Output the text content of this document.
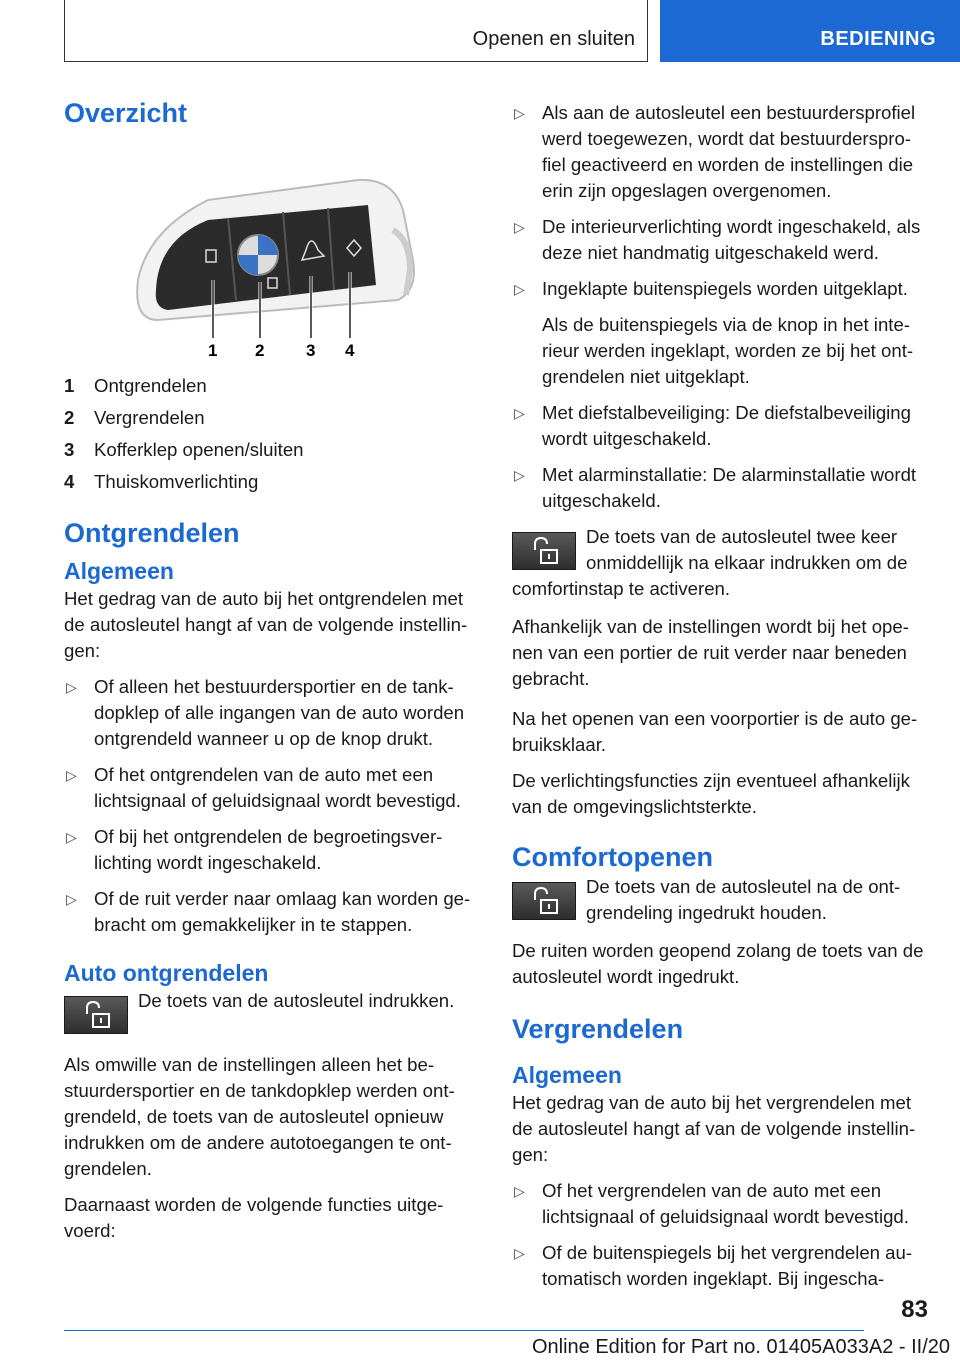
Openen en sluiten	BEDIENING
Overzicht
1 2 3 4
1	Ontgrendelen
2	Vergrendelen
3	Kofferklep openen/sluiten
4	Thuiskomverlichting
Ontgrendelen
Algemeen

Het gedrag van de auto bij het ontgrendelen met de autosleutel hangt af van de volgende instellin‐gen:

▷ Of alleen het bestuurdersportier en de tank‐dopklep of alle ingangen van de auto worden ontgrendeld wanneer u op de knop drukt.
▷ Of het ontgrendelen van de auto met een lichtsignaal of geluidsignaal wordt bevestigd.
▷ Of bij het ontgrendelen de begroetingsver‐lichting wordt ingeschakeld.
▷ Of de ruit verder naar omlaag kan worden ge‐bracht om gemakkelijker in te stappen.
Auto ontgrendelen
De toets van de autosleutel indrukken.

Als omwille van de instellingen alleen het be‐stuurdersportier en de tankdopklep werden ont‐grendeld, de toets van de autosleutel opnieuw indrukken om de andere autotoegangen te ont‐grendelen.

Daarnaast worden de volgende functies uitge‐voerd:

▷ Als aan de autosleutel een bestuurdersprofiel werd toegewezen, wordt dat bestuurderspro‐fiel geactiveerd en worden de instellingen die erin zijn opgeslagen overgenomen.
▷ De interieurverlichting wordt ingeschakeld, als deze niet handmatig uitgeschakeld werd.
▷ Ingeklapte buitenspiegels worden uitgeklapt.

Als de buitenspiegels via de knop in het inte‐rieur werden ingeklapt, worden ze bij het ont‐grendelen niet uitgeklapt.

▷ Met diefstalbeveiliging: De diefstalbeveiliging wordt uitgeschakeld.
▷ Met alarminstallatie: De alarminstallatie wordt uitgeschakeld.
De toets van de autosleutel twee keer onmiddellijk na elkaar indrukken om de comfortinstap te activeren.

Afhankelijk van de instellingen wordt bij het ope‐nen van een portier de ruit verder naar beneden gebracht.

Na het openen van een voorportier is de auto ge‐bruiksklaar.

De verlichtingsfuncties zijn eventueel afhankelijk van de omgevingslichtsterkte.

Comfortopenen
De toets van de autosleutel na de ont‐grendeling ingedrukt houden.

De ruiten worden geopend zolang de toets van de autosleutel wordt ingedrukt.

Vergrendelen
Algemeen

Het gedrag van de auto bij het vergrendelen met de autosleutel hangt af van de volgende instellin‐gen:

▷ Of het vergrendelen van de auto met een lichtsignaal of geluidsignaal wordt bevestigd.
▷ Of de buitenspiegels bij het vergrendelen au‐tomatisch worden ingeklapt. Bij ingescha‐
83
Online Edition for Part no. 01405A033A2 - II/20
